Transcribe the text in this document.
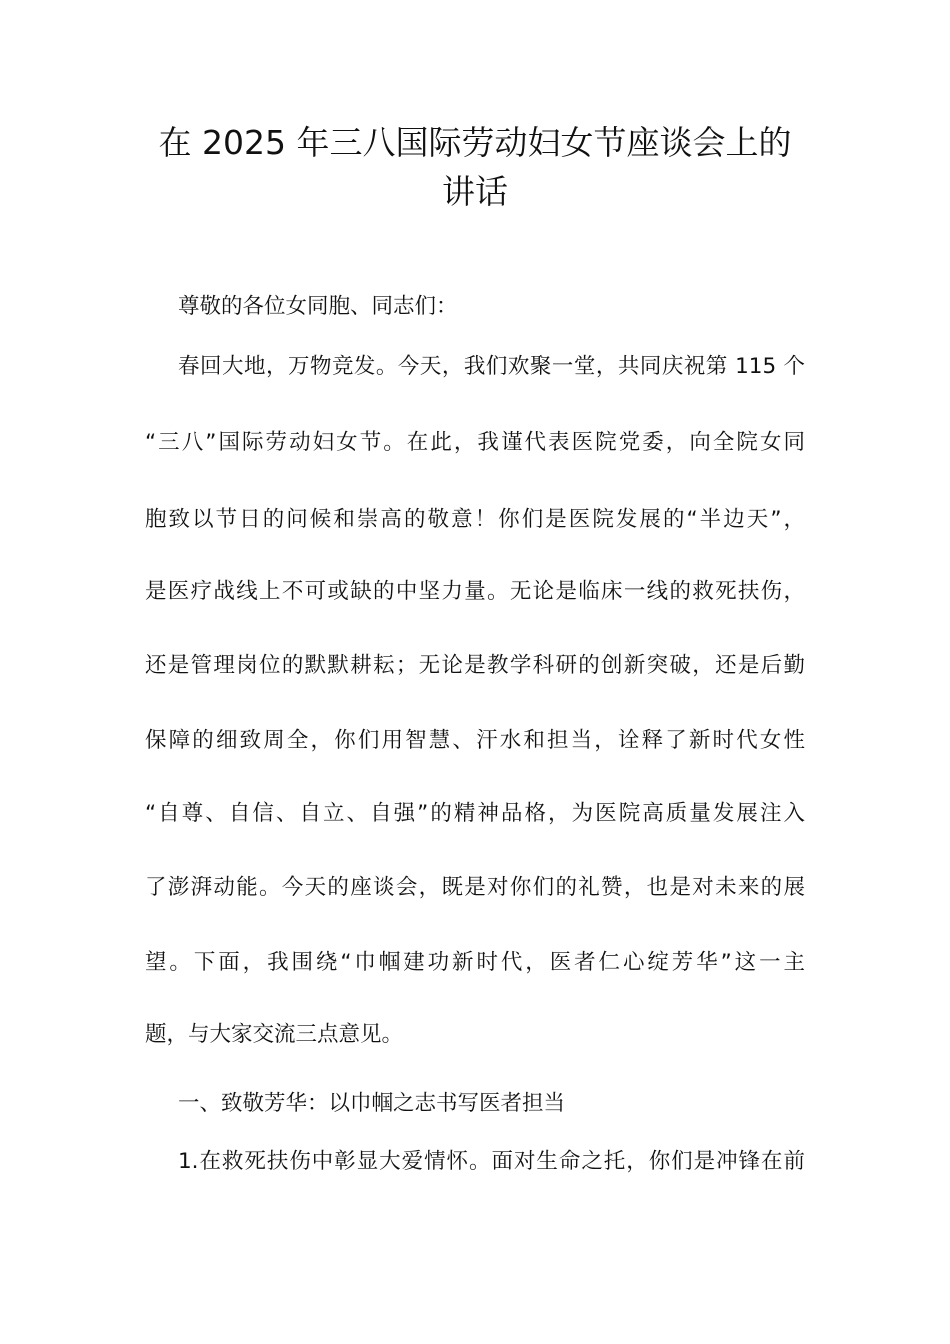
在 2025 年三八国际劳动妇女节座谈会上的
讲话
尊敬的各位女同胞、同志们：
春回大地，万物竞发。今天，我们欢聚一堂，共同庆祝第 115 个
“三八”国际劳动妇女节。在此，我谨代表医院党委，向全院女同
胞致以节日的问候和崇高的敬意！你们是医院发展的“半边天”，
是医疗战线上不可或缺的中坚力量。无论是临床一线的救死扶伤，
还是管理岗位的默默耕耘；无论是教学科研的创新突破，还是后勤
保障的细致周全，你们用智慧、汗水和担当，诠释了新时代女性
“自尊、自信、自立、自强”的精神品格，为医院高质量发展注入
了澎湃动能。今天的座谈会，既是对你们的礼赞，也是对未来的展
望。下面，我围绕“巾帼建功新时代，医者仁心绽芳华”这一主
题，与大家交流三点意见。
一、致敬芳华：以巾帼之志书写医者担当
1.在救死扶伤中彰显大爱情怀。面对生命之托，你们是冲锋在前
